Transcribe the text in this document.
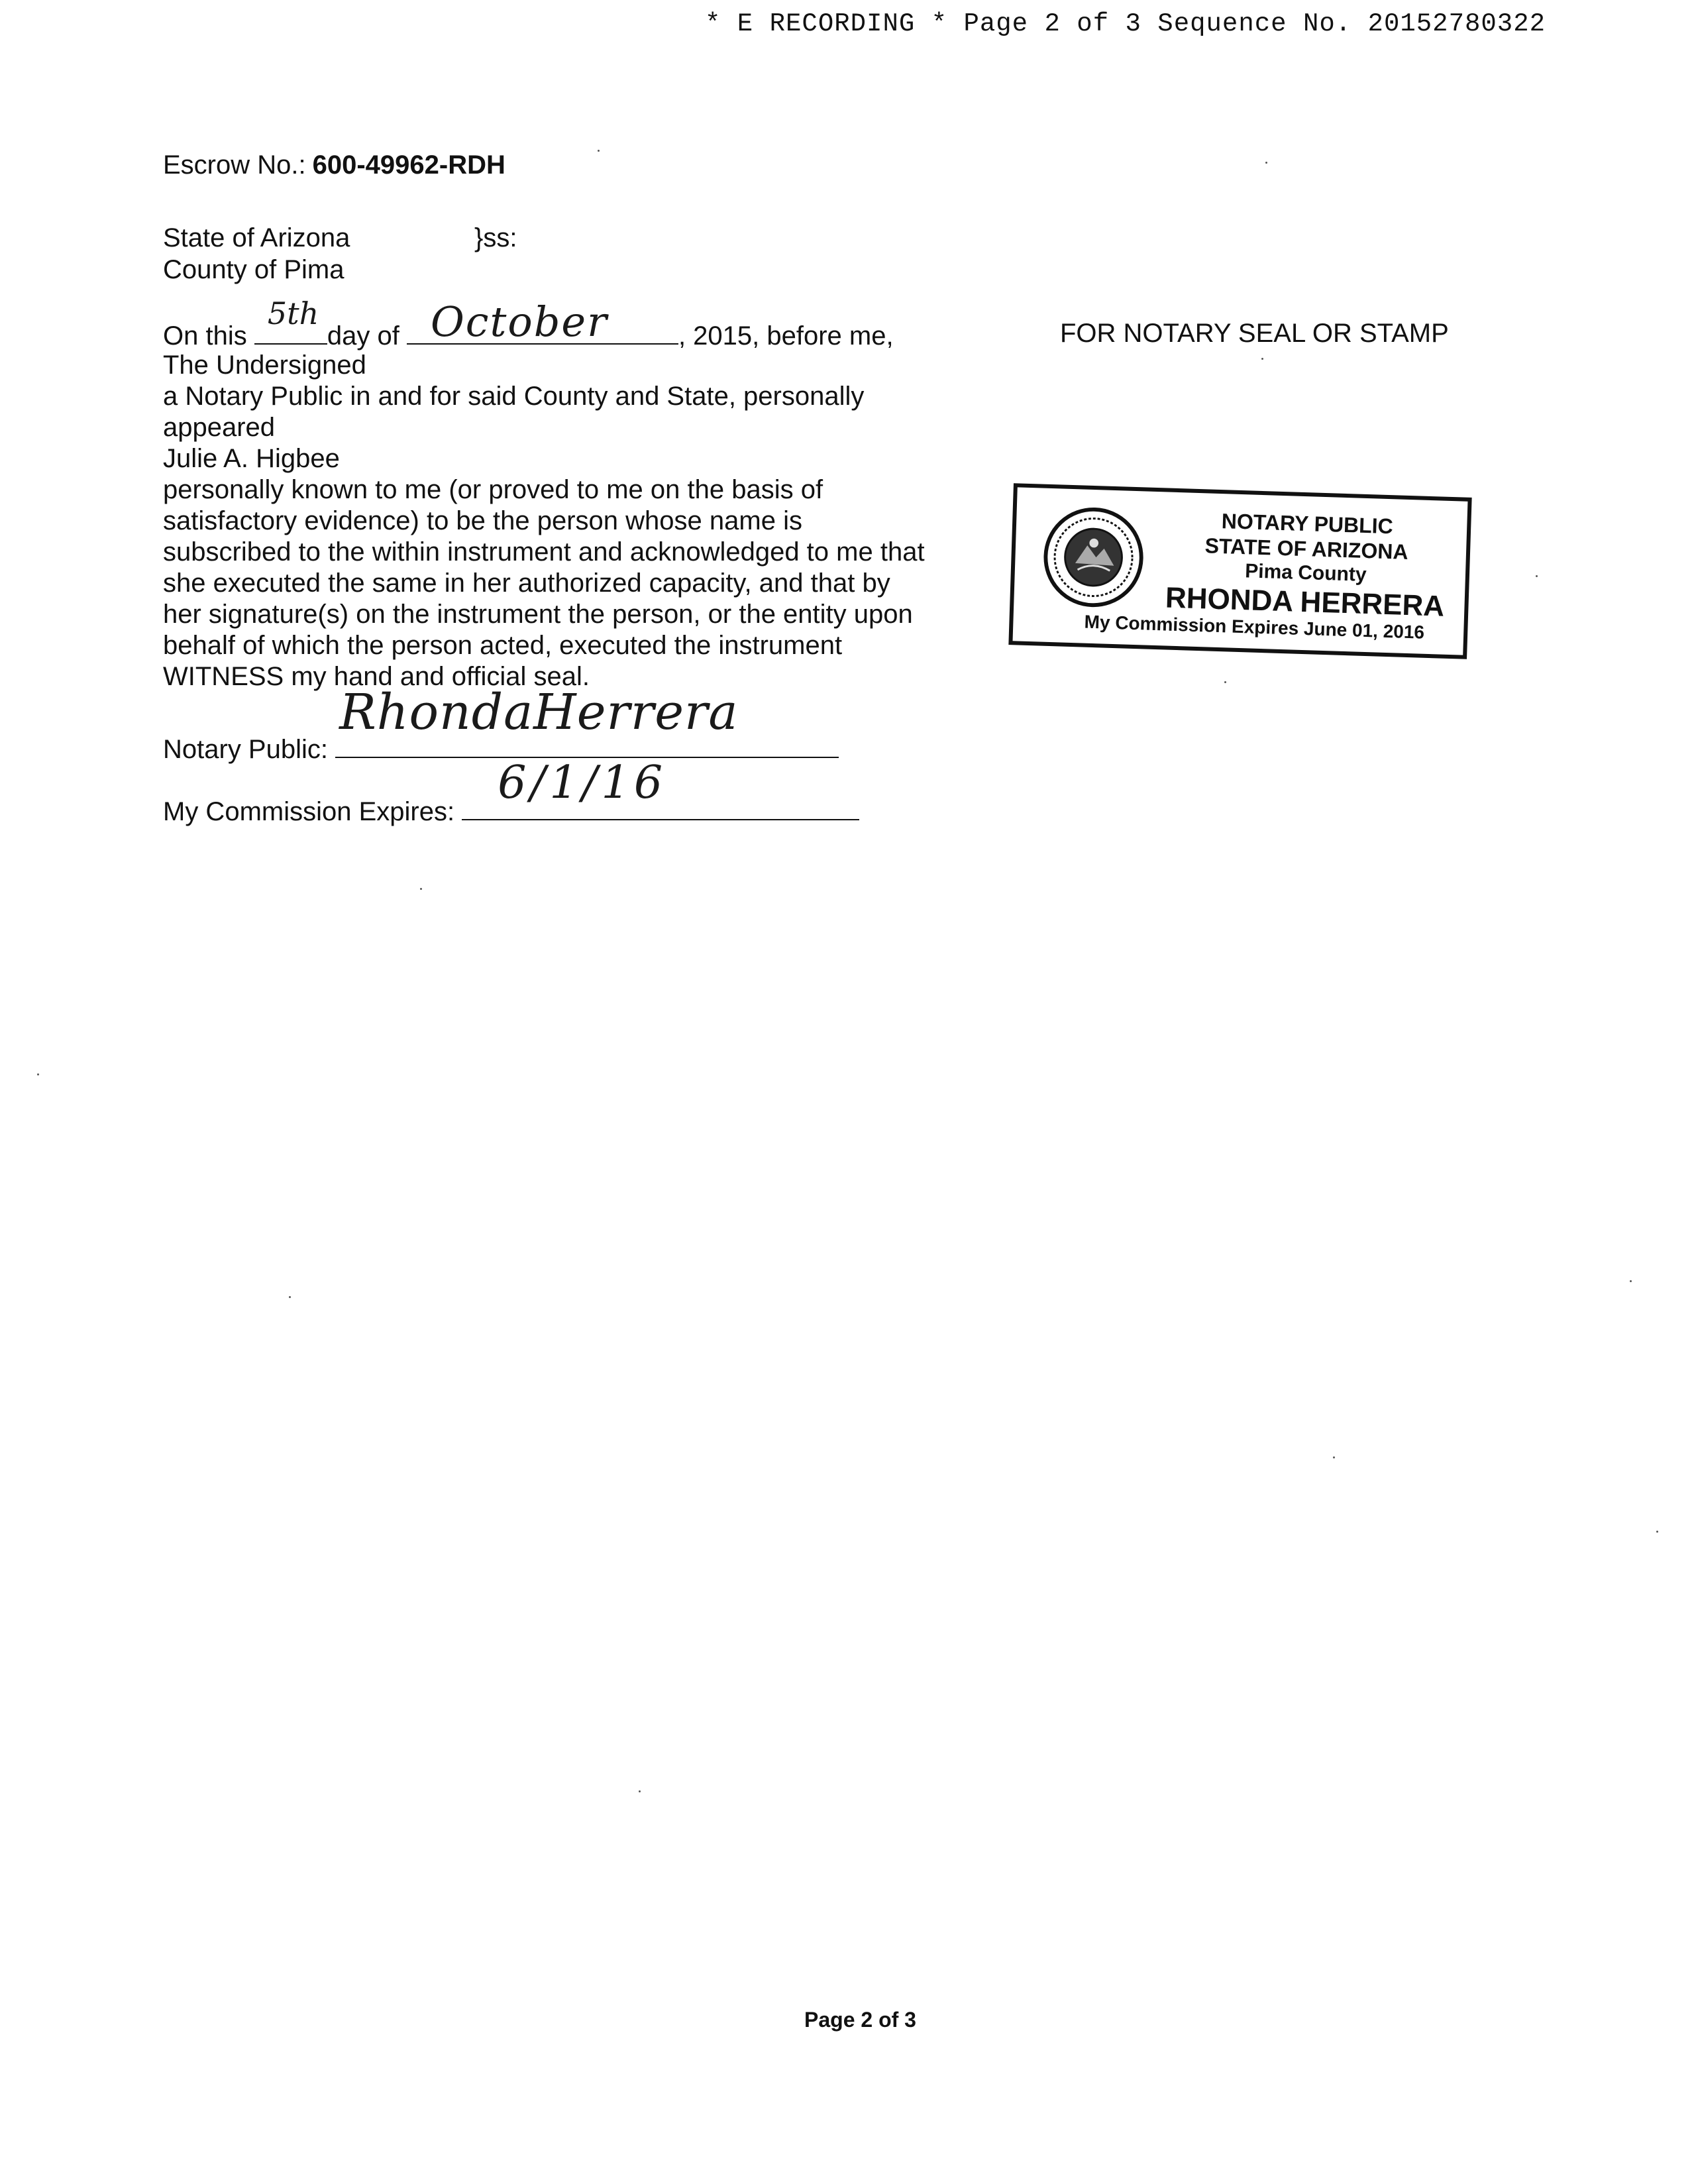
* E RECORDING * Page 2 of 3 Sequence No. 20152780322
Escrow No.: 600-49962-RDH
State of Arizona	}ss:
County of Pima
On this
5th
day of October	, 2015, before me,
The Undersigned
a Notary Public in and for said County and State, personally
appeared
Julie A. Higbee
personally known to me (or proved to me on the basis of
satisfactory evidence) to be the person whose name is
subscribed to the within instrument and acknowledged to me that
she executed the same in her authorized capacity, and that by
her signature(s) on the instrument the person, or the entity upon
behalf of which the person acted, executed the instrument
WITNESS my hand and official seal.
Notary Public:
RhondaHerrera
My Commission Expires:
6/1/16
FOR NOTARY SEAL OR STAMP
NOTARY PUBLIC
STATE OF ARIZONA
Pima County
RHONDA HERRERA
My Commission Expires June 01, 2016
Page 2 of 3
